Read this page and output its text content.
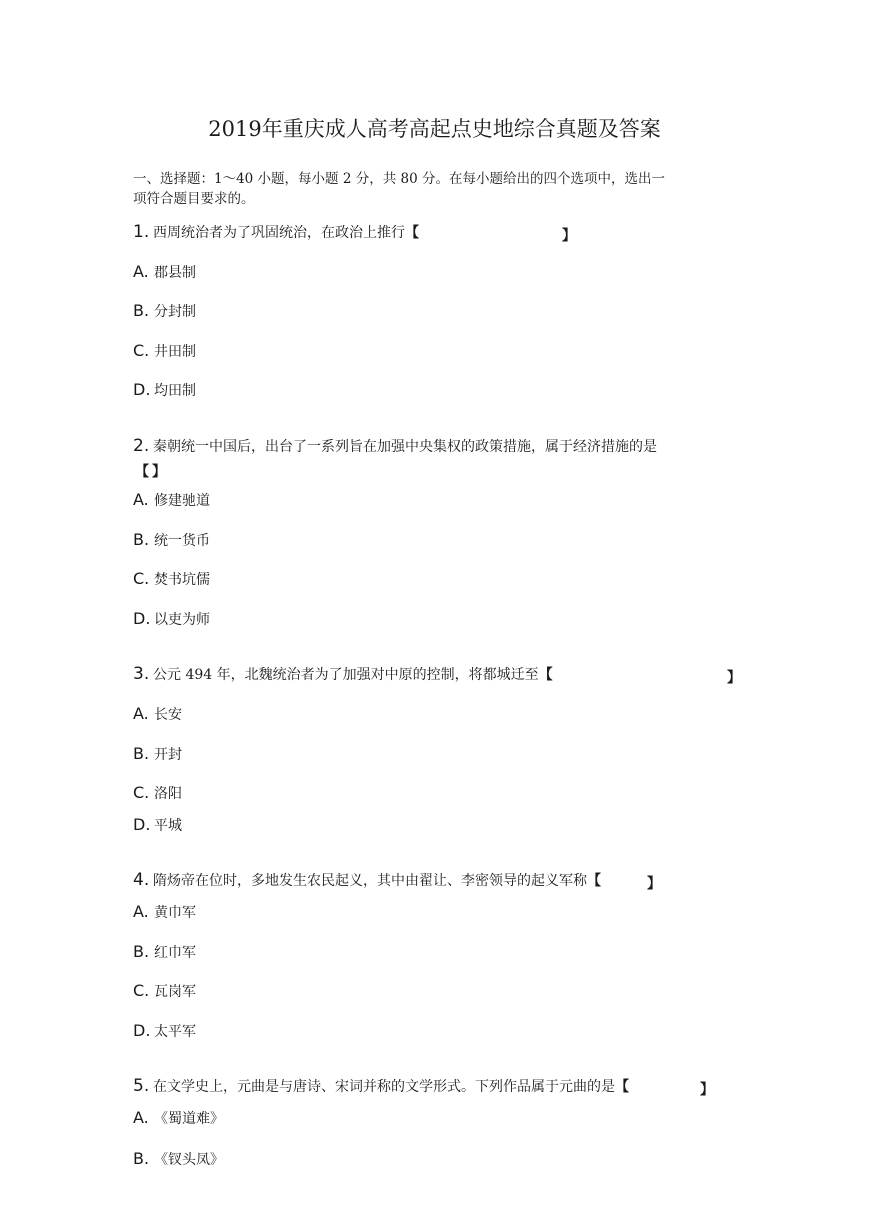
2019年重庆成人高考高起点史地综合真题及答案
一、选择题：1～40 小题，每小题 2 分，共 80 分。在每小题给出的四个选项中，选出一
项符合题目要求的。
1. 西周统治者为了巩固统治，在政治上推行【	】
A. 郡县制
B. 分封制
C. 井田制
D. 均田制
2. 秦朝统一中国后，出台了一系列旨在加强中央集权的政策措施，属于经济措施的是
【 】
A. 修建驰道
B. 统一货币
C. 焚书坑儒
D. 以吏为师
3. 公元 494 年，北魏统治者为了加强对中原的控制，将都城迁至【	】
A. 长安
B. 开封
C. 洛阳
D. 平城
4. 隋炀帝在位时，多地发生农民起义，其中由翟让、李密领导的起义军称【	】
A. 黄巾军
B. 红巾军
C. 瓦岗军
D. 太平军
5. 在文学史上，元曲是与唐诗、宋词并称的文学形式。下列作品属于元曲的是【	】
A. 《蜀道难》
B. 《钗头凤》
